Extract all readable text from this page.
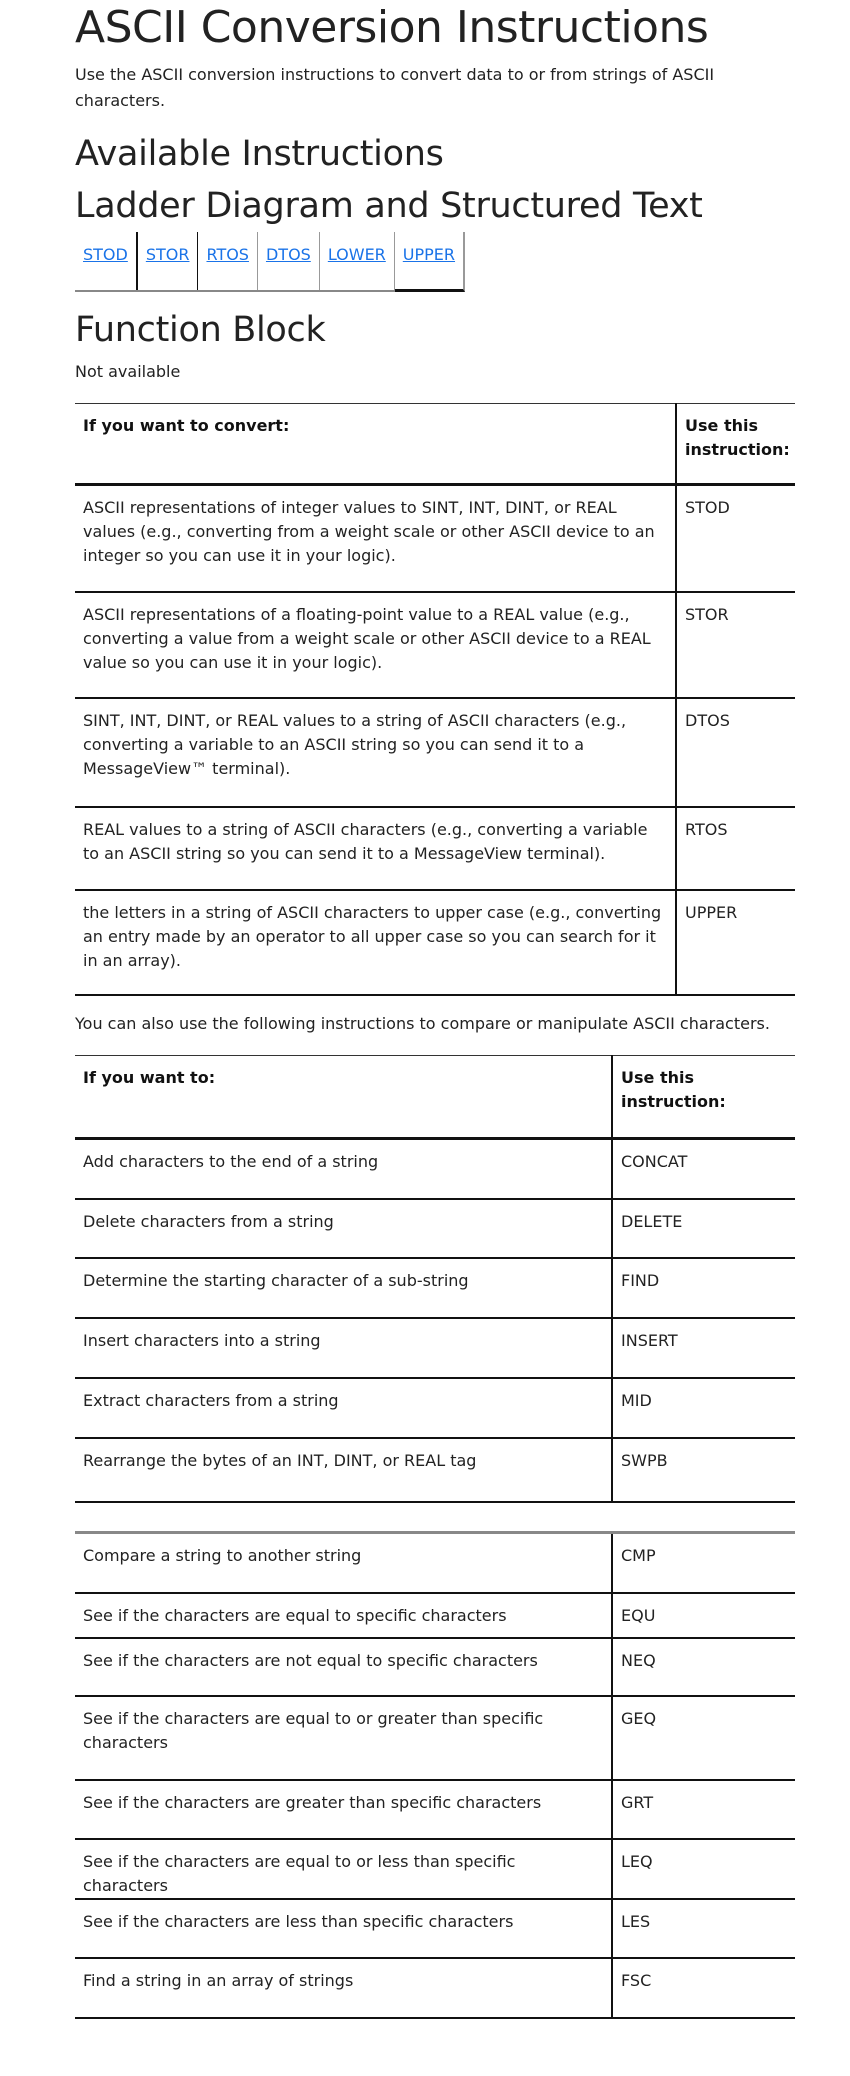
ASCII Conversion Instructions

Use the ASCII conversion instructions to convert data to or from strings of ASCII characters.

Available Instructions
Ladder Diagram and Structured Text
STOD STOR RTOS DTOS LOWER UPPER
Function Block

Not available

If you want to convert:	Use this instruction:
ASCII representations of integer values to SINT, INT, DINT, or REAL values (e.g., converting from a weight scale or other ASCII device to an integer so you can use it in your logic).	STOD
ASCII representations of a floating-point value to a REAL value (e.g., converting a value from a weight scale or other ASCII device to a REAL value so you can use it in your logic).	STOR
SINT, INT, DINT, or REAL values to a string of ASCII characters (e.g., converting a variable to an ASCII string so you can send it to a MessageView™ terminal).	DTOS
REAL values to a string of ASCII characters (e.g., converting a variable to an ASCII string so you can send it to a MessageView terminal).	RTOS
the letters in a string of ASCII characters to upper case (e.g., converting an entry made by an operator to all upper case so you can search for it in an array).	UPPER

You can also use the following instructions to compare or manipulate ASCII characters.

If you want to:	Use this instruction:
Add characters to the end of a string	CONCAT
Delete characters from a string	DELETE
Determine the starting character of a sub-string	FIND
Insert characters into a string	INSERT
Extract characters from a string	MID
Rearrange the bytes of an INT, DINT, or REAL tag	SWPB
Compare a string to another string	CMP
See if the characters are equal to specific characters	EQU
See if the characters are not equal to specific characters	NEQ
See if the characters are equal to or greater than specific characters	GEQ
See if the characters are greater than specific characters	GRT
See if the characters are equal to or less than specific characters	LEQ
See if the characters are less than specific characters	LES
Find a string in an array of strings	FSC
